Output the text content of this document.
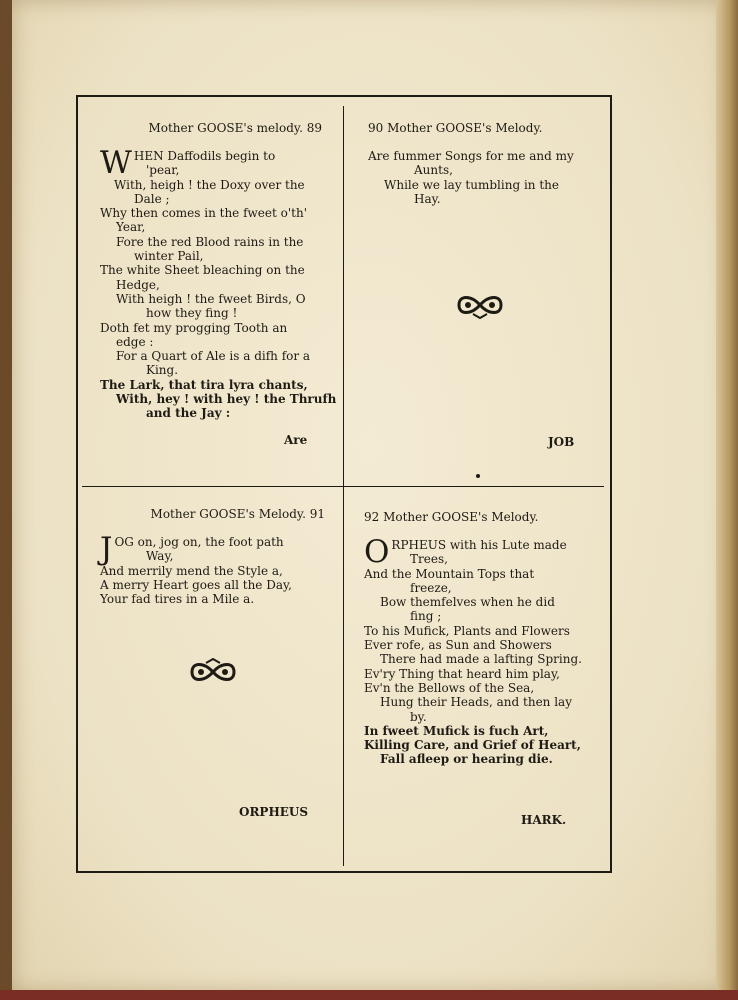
Mother GOOSE's melody. 89
W HEN Daffodils begin to
'pear,
With, heigh ! the Doxy over the
Dale ;
Why then comes in the fweet o'th'
Year,
Fore the red Blood rains in the
winter Pail,
The white Sheet bleaching on the
Hedge,
With heigh ! the fweet Birds, O
how they fing !
Doth fet my progging Tooth an
edge :
For a Quart of Ale is a difh for a
King.
The Lark, that tira lyra chants,
With, hey ! with hey ! the Thrufh
and the Jay :
Are
90 Mother GOOSE's Melody.
Are fummer Songs for me and my
Aunts,
While we lay tumbling in the
Hay.
JOB
Mother GOOSE's Melody. 91
J OG on, jog on, the foot path
Way,
And merrily mend the Style a,
A merry Heart goes all the Day,
Your fad tires in a Mile a.
ORPHEUS
92 Mother GOOSE's Melody.
O RPHEUS with his Lute made
Trees,
And the Mountain Tops that
freeze,
Bow themfelves when he did
fing ;
To his Mufick, Plants and Flowers
Ever rofe, as Sun and Showers
There had made a lafting Spring.
Ev'ry Thing that heard him play,
Ev'n the Bellows of the Sea,
Hung their Heads, and then lay
by.
In fweet Mufick is fuch Art,
Killing Care, and Grief of Heart,
Fall afleep or hearing die.
HARK.
